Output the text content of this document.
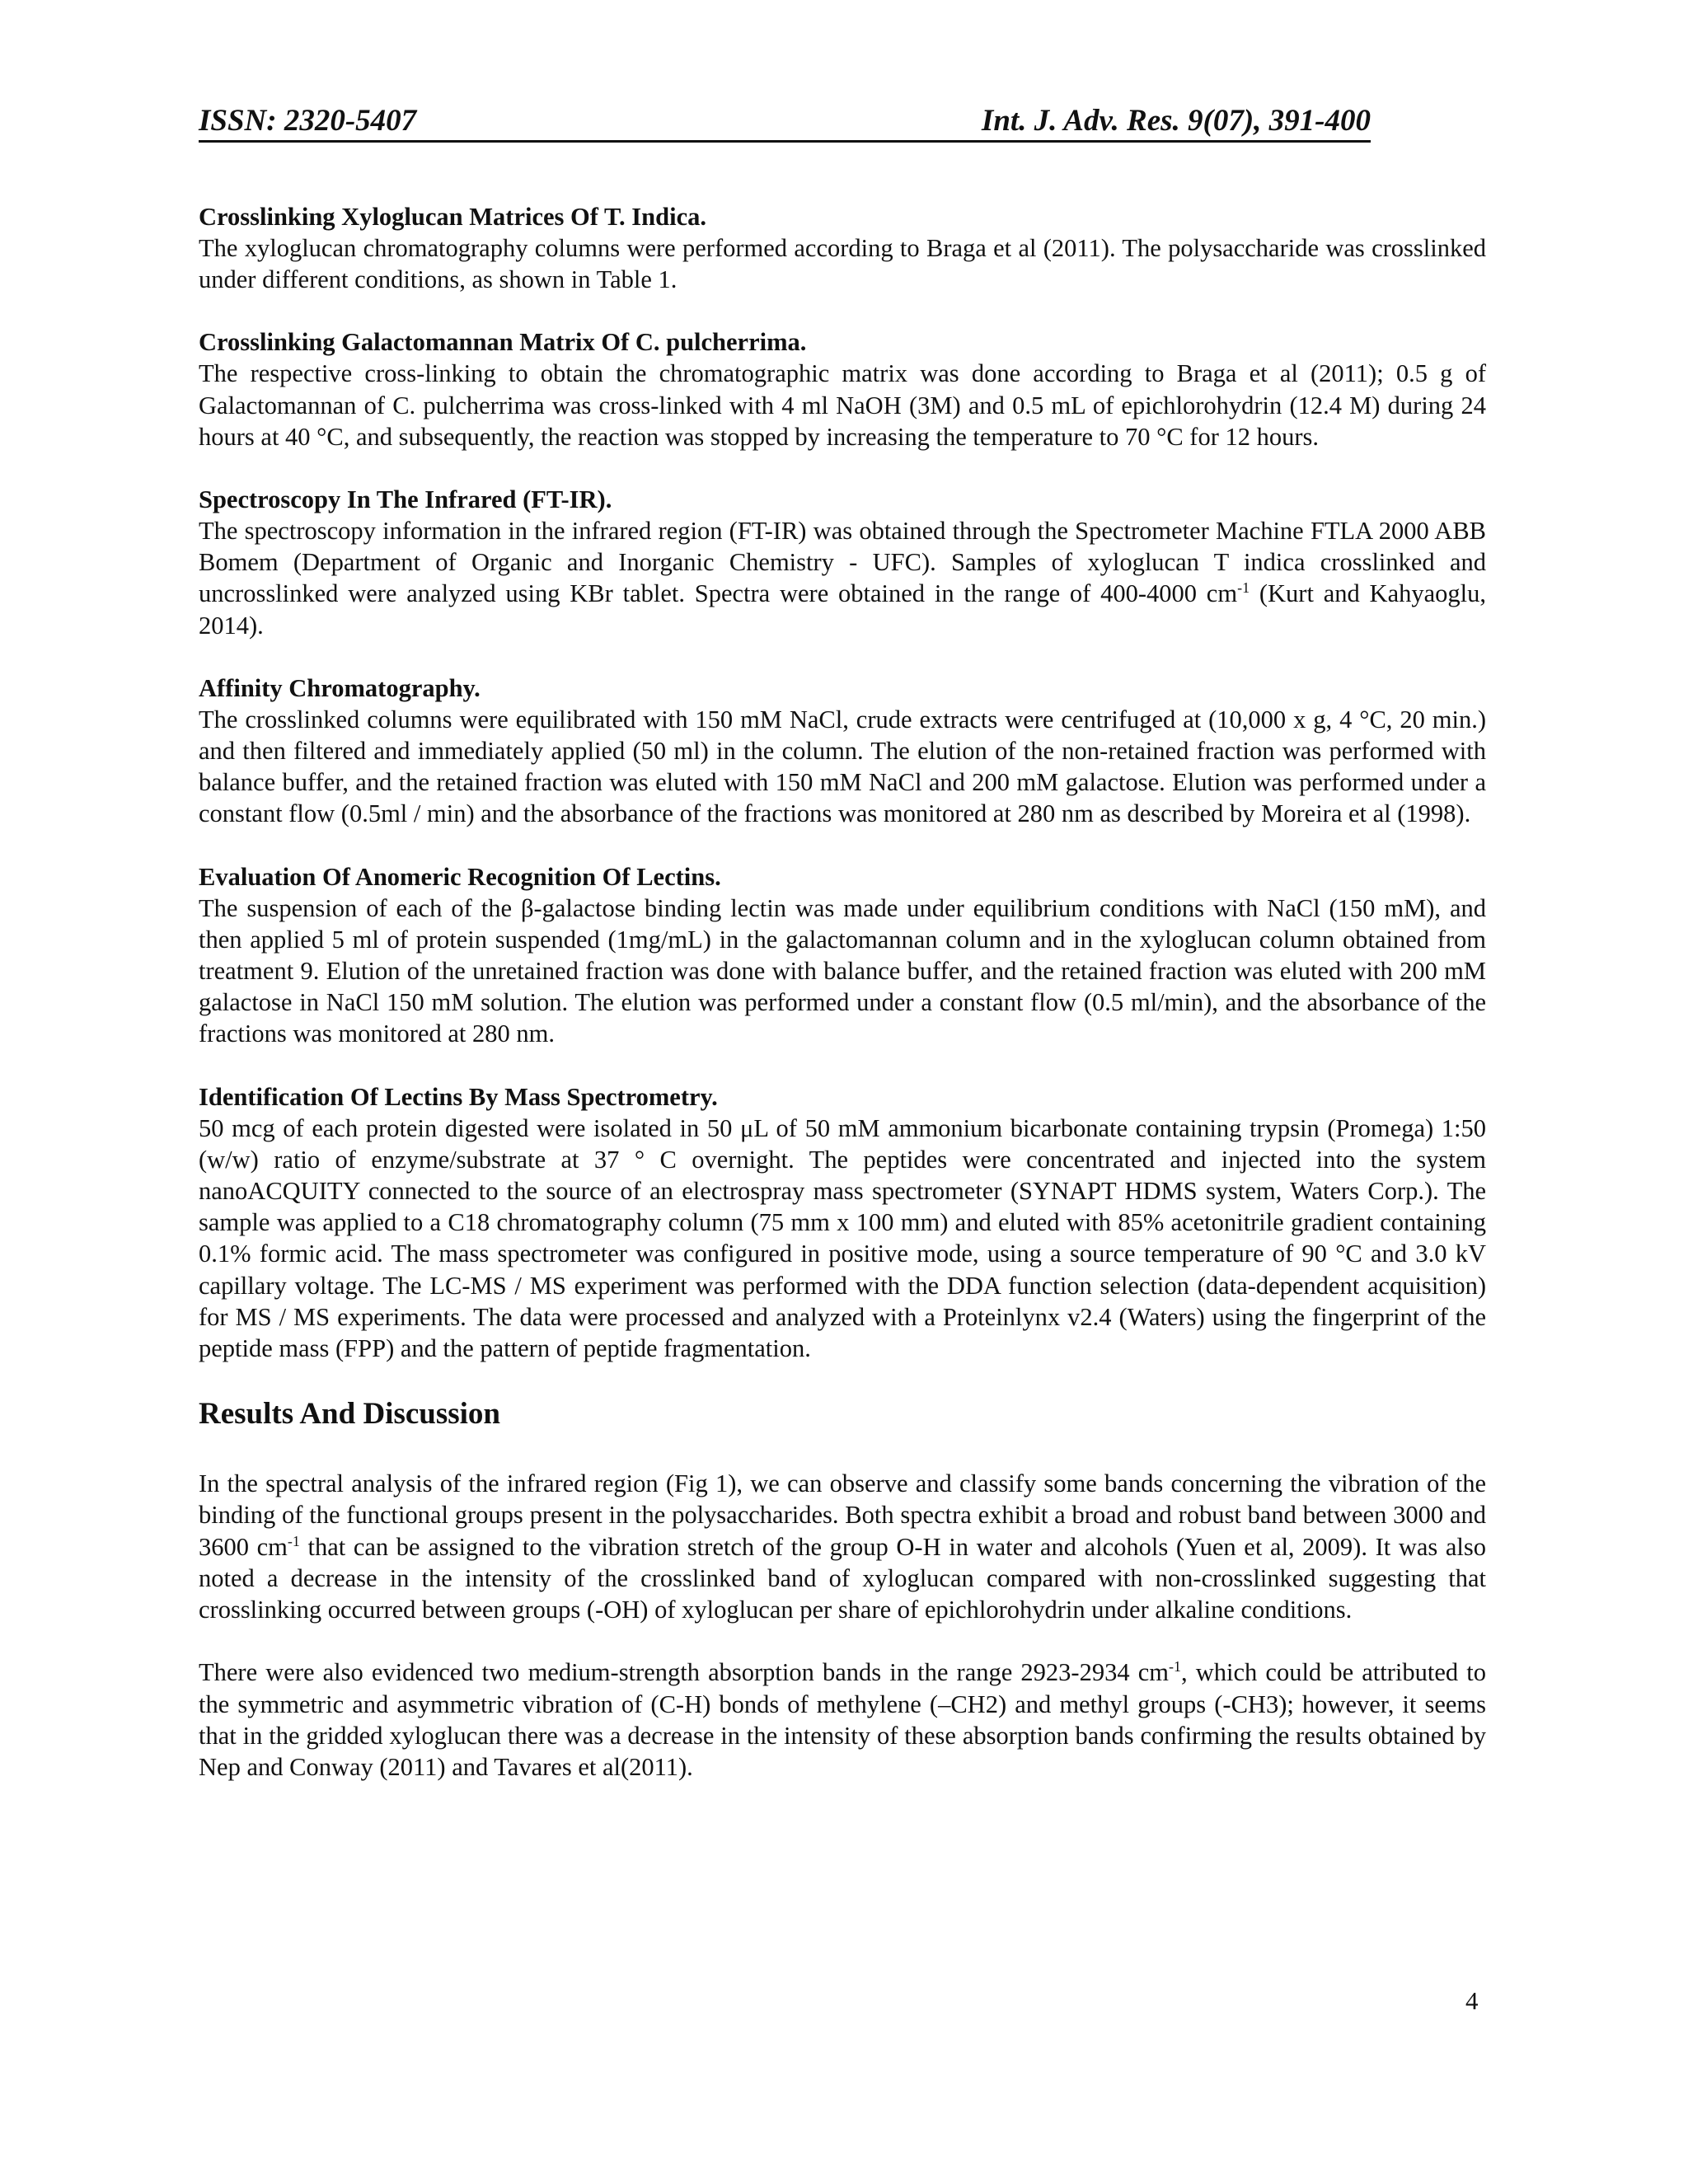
ISSN: 2320-5407	Int. J. Adv. Res. 9(07), 391-400
Crosslinking Xyloglucan Matrices Of T. Indica.

The xyloglucan chromatography columns were performed according to Braga et al (2011). The polysaccharide was crosslinked under different conditions, as shown in Table 1.

Crosslinking Galactomannan Matrix Of C. pulcherrima.

The respective cross-linking to obtain the chromatographic matrix was done according to Braga et al (2011); 0.5 g of Galactomannan of C. pulcherrima was cross-linked with 4 ml NaOH (3M) and 0.5 mL of epichlorohydrin (12.4 M) during 24 hours at 40 °C, and subsequently, the reaction was stopped by increasing the temperature to 70 °C for 12 hours.

Spectroscopy In The Infrared (FT-IR).

The spectroscopy information in the infrared region (FT-IR) was obtained through the Spectrometer Machine FTLA 2000 ABB Bomem (Department of Organic and Inorganic Chemistry - UFC). Samples of xyloglucan T indica crosslinked and uncrosslinked were analyzed using KBr tablet. Spectra were obtained in the range of 400-4000 $cm^{-1}$ (Kurt and Kahyaoglu, 2014).

Affinity Chromatography.

The crosslinked columns were equilibrated with 150 mM NaCl, crude extracts were centrifuged at (10,000 x g, 4 °C, 20 min.) and then filtered and immediately applied (50 ml) in the column. The elution of the non-retained fraction was performed with balance buffer, and the retained fraction was eluted with 150 mM NaCl and 200 mM galactose. Elution was performed under a constant flow (0.5ml / min) and the absorbance of the fractions was monitored at 280 nm as described by Moreira et al (1998).

Evaluation Of Anomeric Recognition Of Lectins.

The suspension of each of the β-galactose binding lectin was made under equilibrium conditions with NaCl (150 mM), and then applied 5 ml of protein suspended (1mg/mL) in the galactomannan column and in the xyloglucan column obtained from treatment 9. Elution of the unretained fraction was done with balance buffer, and the retained fraction was eluted with 200 mM galactose in NaCl 150 mM solution. The elution was performed under a constant flow (0.5 ml/min), and the absorbance of the fractions was monitored at 280 nm.

Identification Of Lectins By Mass Spectrometry.

50 mcg of each protein digested were isolated in 50 μL of 50 mM ammonium bicarbonate containing trypsin (Promega) 1:50 (w/w) ratio of enzyme/substrate at 37 ° C overnight. The peptides were concentrated and injected into the system nanoACQUITY connected to the source of an electrospray mass spectrometer (SYNAPT HDMS system, Waters Corp.). The sample was applied to a C18 chromatography column (75 mm x 100 mm) and eluted with 85% acetonitrile gradient containing 0.1% formic acid. The mass spectrometer was configured in positive mode, using a source temperature of 90 °C and 3.0 kV capillary voltage. The LC-MS / MS experiment was performed with the DDA function selection (data-dependent acquisition) for MS / MS experiments. The data were processed and analyzed with a Proteinlynx v2.4 (Waters) using the fingerprint of the peptide mass (FPP) and the pattern of peptide fragmentation.

Results And Discussion

In the spectral analysis of the infrared region (Fig 1), we can observe and classify some bands concerning the vibration of the binding of the functional groups present in the polysaccharides. Both spectra exhibit a broad and robust band between 3000 and 3600 $cm^{-1}$ that can be assigned to the vibration stretch of the group O-H in water and alcohols (Yuen et al, 2009). It was also noted a decrease in the intensity of the crosslinked band of xyloglucan compared with non-crosslinked suggesting that crosslinking occurred between groups (-OH) of xyloglucan per share of epichlorohydrin under alkaline conditions.

There were also evidenced two medium-strength absorption bands in the range 2923-2934 $cm^{-1}$, which could be attributed to the symmetric and asymmetric vibration of (C-H) bonds of methylene (–CH2) and methyl groups (-CH3); however, it seems that in the gridded xyloglucan there was a decrease in the intensity of these absorption bands confirming the results obtained by Nep and Conway (2011) and Tavares et al(2011).

4
